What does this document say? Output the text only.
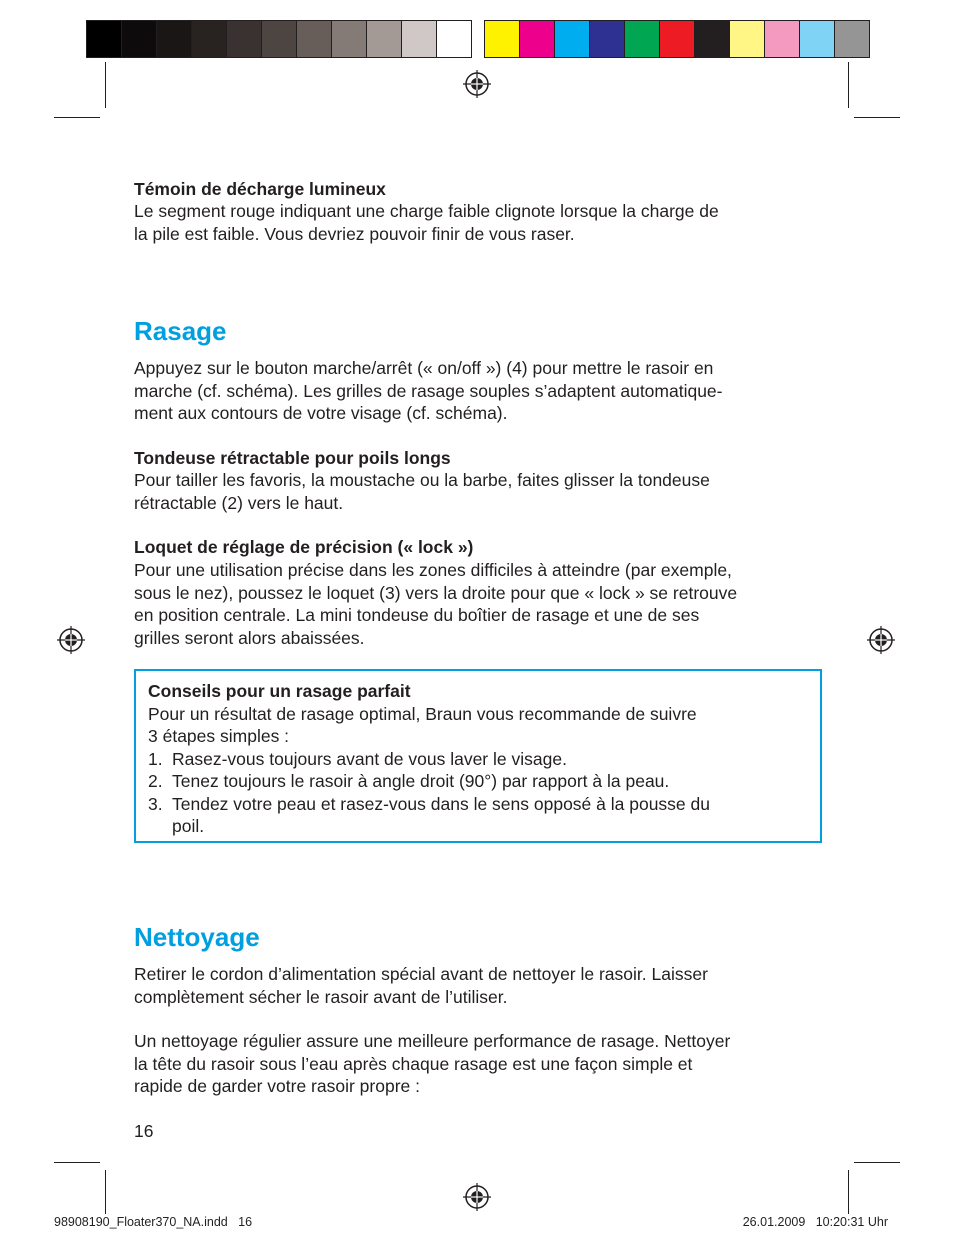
Témoin de décharge lumineux
Le segment rouge indiquant une charge faible clignote lorsque la charge de
la pile est faible. Vous devriez pouvoir finir de vous raser.
Rasage
Appuyez sur le bouton marche/arrêt (« on/off ») (4) pour mettre le rasoir en
marche (cf. schéma). Les grilles de rasage souples s’adaptent automatique-
ment aux contours de votre visage (cf. schéma).
Tondeuse rétractable pour poils longs
Pour tailler les favoris, la moustache ou la barbe, faites glisser la tondeuse
rétractable (2) vers le haut.
Loquet de réglage de précision (« lock »)
Pour une utilisation précise dans les zones difficiles à atteindre (par exemple,
sous le nez), poussez le loquet (3) vers la droite pour que « lock » se retrouve
en position centrale. La mini tondeuse du boîtier de rasage et une de ses
grilles seront alors abaissées.
Conseils pour un rasage parfait
Pour un résultat de rasage optimal, Braun vous recommande de suivre
3 étapes simples :
1. Rasez-vous toujours avant de vous laver le visage.
2. Tenez toujours le rasoir à angle droit (90°) par rapport à la peau.
3. Tendez votre peau et rasez-vous dans le sens opposé à la pousse du
poil.
Nettoyage
Retirer le cordon d’alimentation spécial avant de nettoyer le rasoir. Laisser
complètement sécher le rasoir avant de l’utiliser.
Un nettoyage régulier assure une meilleure performance de rasage. Nettoyer
la tête du rasoir sous l’eau après chaque rasage est une façon simple et
rapide de garder votre rasoir propre :
16
98908190_Floater370_NA.indd   16	26.01.2009   10:20:31 Uhr
